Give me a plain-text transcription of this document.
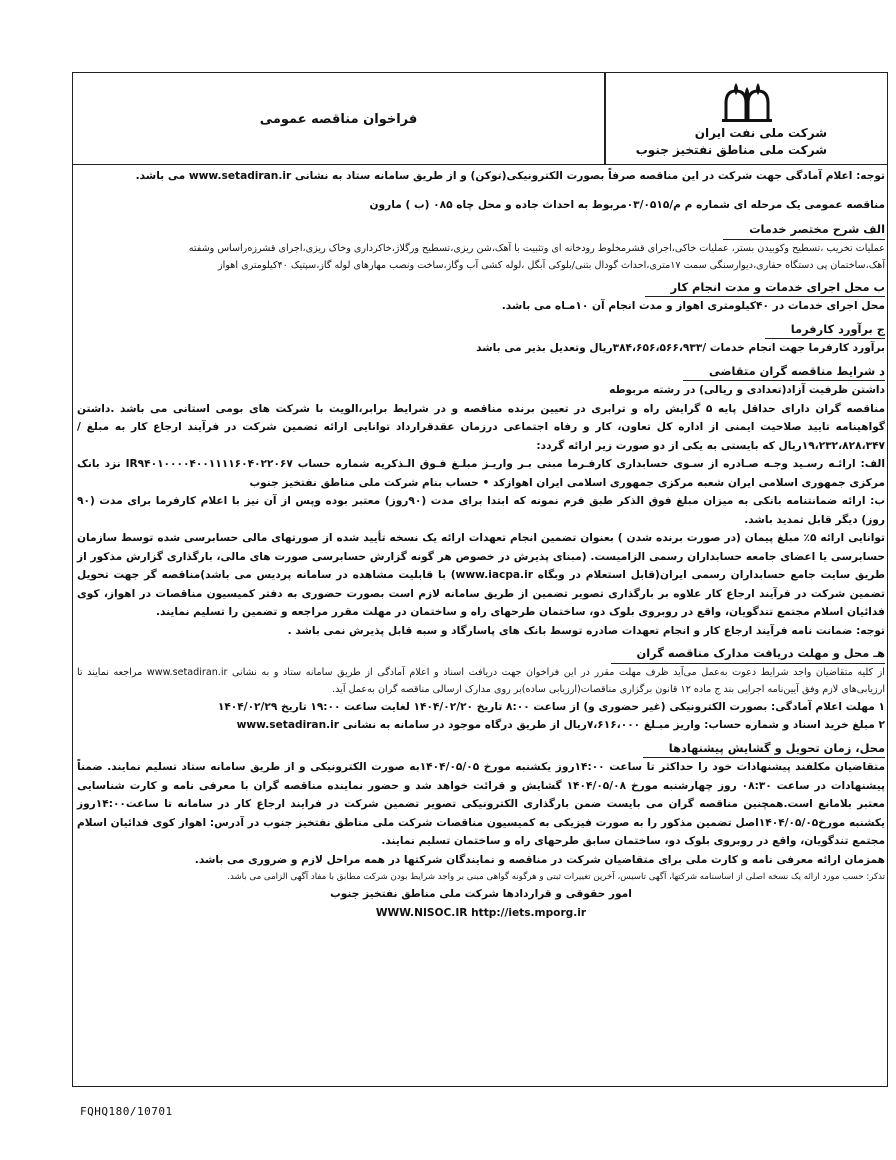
فراخوان مناقصه عمومی
شرکت ملی نفت ایران
شرکت ملی مناطق نفتخیز جنوب

توجه: اعلام آمادگی جهت شرکت در این مناقصه صرفاً بصورت الکترونیکی(توکن) و از طریق سامانه ستاد به نشانی www.setadiran.ir می باشد.

مناقصه عمومی یک مرحله ای شماره م م/۰۳/۰۵۱۵مربوط به احداث جاده و محل چاه ۰۸۵ (ب ) مارون

الف شرح مختصر خدمات

عملیات تخریب ،تسطیح وکوبیدن بستر، عملیات خاکی،اجرای قشرمخلوط رودخانه ای وتثبیت با آهک،شن ریزی،تسطیح ورگلاژ،خاکرداری وخاک ریزی،اجرای قشرزه‌راساس وشفته

آهک،ساختمان پی دستگاه حفاری،دیوارسنگی سمت ۱۷متری،احداث گودال بتنی/بلوکی آبگل ،لوله کشی آب وگاز،ساخت ونصب مهارهای لوله گاز،سپتیک ۴۰کیلومتری اهواز

ب محل اجرای خدمات و مدت انجام کار

محل اجرای خدمات در ۴۰کیلومتری اهواز و مدت انجام آن ۱۰مـاه می باشد.

ج برآورد کارفرما

برآورد کارفرما جهت انجام خدمات /۳۸۴،۶۵۶،۵۶۶،۹۳۳ریال وتعدیل بذیر می باشد

د شرایط مناقصه گران متقاضی

داشتن ظرفیت آزاد(تعدادی و ریالی) در رشته مربوطه

مناقصه گران دارای حداقل پایه ۵ گرایش راه و ترابری در تعیین برنده مناقصه و در شرایط برابر،الویت با شرکت های بومی استانی می باشد .داشتن گواهینامه تایید صلاحیت ایمنی از اداره کل تعاون، کار و رفاه اجتماعی درزمان عقدقرارداد توانایی ارائه تضمین شرکت در فرآیند ارجاع کار به مبلغ /۱۹،۲۳۲،۸۲۸،۳۴۷ریال که بایستی به یکی از دو صورت زیر ارائه گردد:

الف: ارائـه رسـید وجـه صـادره از سـوی حسابداری کارفـرما مبنی بـر واریـز مبلـغ فـوق الـذکریه شماره حساب IR۹۴۰۱۰۰۰۰۴۰۰۱۱۱۱۶۰۴۰۲۲۰۶۷ نزد بانک مرکزی جمهوری اسلامی ایران شعبه مرکزی جمهوری اسلامی ایران اهوازکد • حساب بنام شرکت ملی مناطق نفتخیز جنوب

ب: ارائه ضمانتنامه بانکی به میزان مبلغ فوق الذکر طبق فرم نمونه که ابتدا برای مدت (۹۰روز) معتبر بوده وپس از آن نیز با اعلام کارفرما برای مدت (۹۰ روز) دیگر قابل تمدید باشد.

توانایی ارائه ۵٪ مبلغ پیمان (در صورت برنده شدن ) بعنوان تضمین انجام تعهدات ارائه یک نسخه تأیید شده از صورتهای مالی حسابرسی شده توسط سازمان حسابرسی یا اعضای جامعه حسابداران رسمی الزامیست. (مبنای پذیرش در خصوص هر گونه گزارش حسابرسی صورت های مالی، بارگذاری گزارش مذکور از طریق سایت جامع حسابداران رسمی ایران(قابل استعلام در وبگاه www.iacpa.ir) با قابلیت مشاهده در سامانه پردیس می باشد)مناقصه گر جهت تحویل تضمین شرکت در فرآیند ارجاع کار علاوه بر بارگذاری تصویر تضمین از طریق سامانه لازم است بصورت حضوری به دفتر کمیسیون مناقصات در اهواز، کوی فدائیان اسلام مجتمع تندگویان، واقع در روبروی بلوک دو، ساختمان طرحهای راه و ساختمان در مهلت مقرر مراجعه و تضمین را تسلیم نمایند.

توجه: ضمانت نامه فرآیند ارجاع کار و انجام تعهدات صادره توسط بانک های پاسارگاد و سبه قابل پذیرش نمی باشد .

هـ محل و مهلت دریافت مدارک مناقصه گران

از کلیه متقاضیان واجد شرایط دعوت به‌عمل می‌آید ظرف مهلت مقرر در این فراخوان جهت دریافت اسناد و اعلام آمادگی از طریق سامانه ستاد و به نشانی www.setadiran.ir مراجعه نمایند تا ارزیابی‌های لازم وفق آیین‌نامه اجرایی بند ج ماده ۱۲ قانون برگزاری مناقصات(ارزیابی ساده)بر روی مدارک ارسالی مناقصه گران به‌عمل آید.

۱ مهلت اعلام آمادگی: بصورت الکترونیکی (غیر حضوری و) از ساعت ۸:۰۰ تاریخ ۱۴۰۴/۰۲/۲۰ لغایت ساعت ۱۹:۰۰ تاریخ ۱۴۰۴/۰۲/۲۹

۲ مبلغ خرید اسناد و شماره حساب: واریز مبـلغ ۷،۶۱۶،۰۰۰ریال از طریق درگاه موجود در سامانه به نشانی www.setadiran.ir

محل، زمان تحویل و گشایش پیشنهادها

متقاضیان مکلفند پیشنهادات خود را حداکثر تا ساعت ۱۴:۰۰روز یکشنبه مورخ ۱۴۰۴/۰۵/۰۵به صورت الکترونیکی و از طریق سامانه ستاد تسلیم نمایند. ضمناً پیشنهادات در ساعت ۰۸:۳۰ روز چهارشنبه مورخ ۱۴۰۴/۰۵/۰۸ گشایش و قرائت خواهد شد و حضور نماینده مناقصه گران با معرفی نامه و کارت شناسایی معتبر بلامانع است.همچنین مناقصه گران می بایست ضمن بارگذاری الکترونیکی تصویر تضمین شرکت در فرایند ارجاع کار در سامانه تا ساعت۱۴:۰۰روز یکشنبه مورخ۱۴۰۴/۰۵/۰۵اصل تضمین مذکور را به صورت فیزیکی به کمیسیون مناقصات شرکت ملی مناطق نفتخیز جنوب در آدرس: اهواز کوی فدائیان اسلام مجتمع تندگویان، واقع در روبروی بلوک دو، ساختمان سابق طرحهای راه و ساختمان تسلیم نمایند.

همزمان ارائه معرفی نامه و کارت ملی برای متقاضیان شرکت در مناقصه و نمایندگان شرکتها در همه مراحل لازم و ضروری می باشد.

تذکر: حسب مورد ارائه یک نسخه اصلی از اساسنامه شرکتها، آگهی تاسیس، آخرین تغییرات ثبتی و هرگونه گواهی مبنی بر واجد شرایط بودن شرکت مطابق با مفاد آگهی الزامی می باشد.

امور حقوقی و قراردادها شرکت ملی مناطق نفتخیز جنوب

WWW.NISOC.IR http://iets.mporg.ir

FQHQ180/10701
